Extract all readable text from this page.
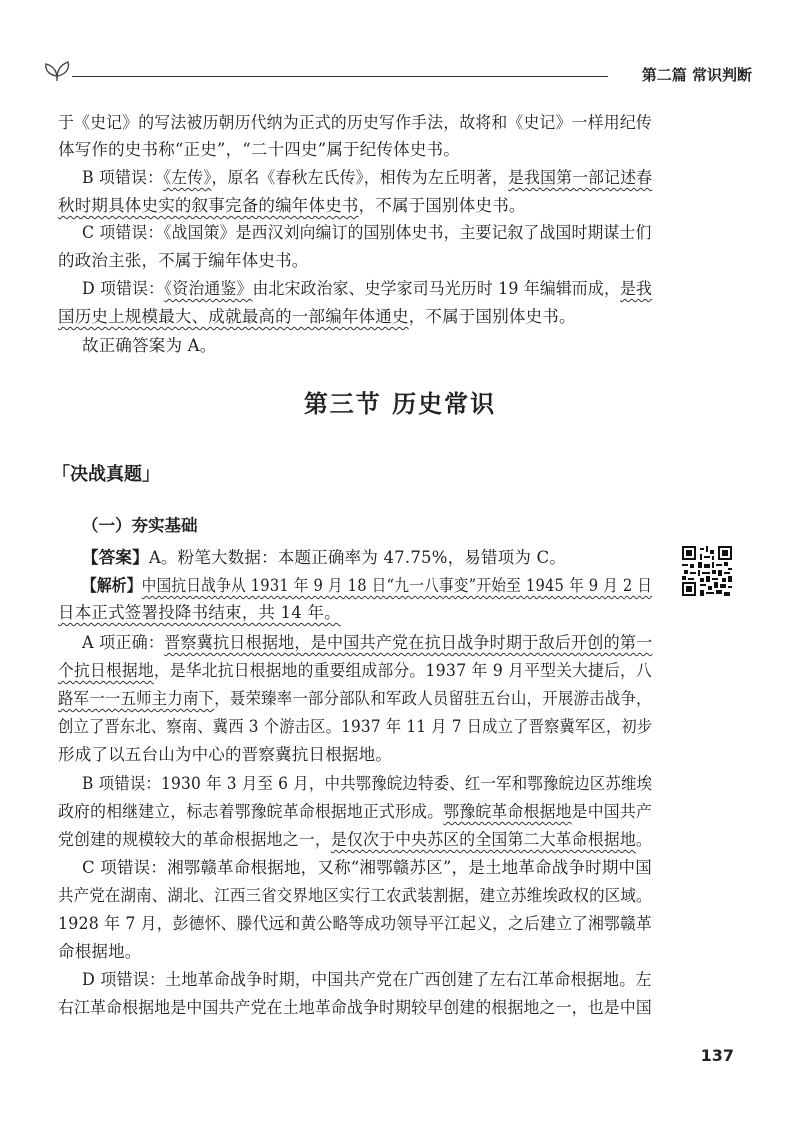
第二篇 常识判断
于《史记》的写法被历朝历代纳为正式的历史写作手法，故将和《史记》一样用纪传
体写作的史书称“正史”，“二十四史”属于纪传体史书。
B 项错误：《左传》，原名《春秋左氏传》，相传为左丘明著，是我国第一部记述春
秋时期具体史实的叙事完备的编年体史书，不属于国别体史书。
C 项错误：《战国策》是西汉刘向编订的国别体史书，主要记叙了战国时期谋士们
的政治主张，不属于编年体史书。
D 项错误：《资治通鉴》由北宋政治家、史学家司马光历时 19 年编辑而成，是我
国历史上规模最大、成就最高的一部编年体通史，不属于国别体史书。
故正确答案为 A。
第三节 历史常识
「决战真题」
（一）夯实基础
【答案】A。粉笔大数据：本题正确率为 47.75%，易错项为 C。
【解析】中国抗日战争从 1931 年 9 月 18 日“九一八事变”开始至 1945 年 9 月 2 日
日本正式签署投降书结束，共 14 年。
A 项正确：晋察冀抗日根据地，是中国共产党在抗日战争时期于敌后开创的第一
个抗日根据地，是华北抗日根据地的重要组成部分。1937 年 9 月平型关大捷后，八
路军一一五师主力南下，聂荣臻率一部分部队和军政人员留驻五台山，开展游击战争，
创立了晋东北、察南、冀西 3 个游击区。1937 年 11 月 7 日成立了晋察冀军区，初步
形成了以五台山为中心的晋察冀抗日根据地。
B 项错误：1930 年 3 月至 6 月，中共鄂豫皖边特委、红一军和鄂豫皖边区苏维埃
政府的相继建立，标志着鄂豫皖革命根据地正式形成。鄂豫皖革命根据地是中国共产
党创建的规模较大的革命根据地之一，是仅次于中央苏区的全国第二大革命根据地。
C 项错误：湘鄂赣革命根据地，又称“湘鄂赣苏区”，是土地革命战争时期中国
共产党在湖南、湖北、江西三省交界地区实行工农武装割据，建立苏维埃政权的区域。
1928 年 7 月，彭德怀、滕代远和黄公略等成功领导平江起义，之后建立了湘鄂赣革
命根据地。
D 项错误：土地革命战争时期，中国共产党在广西创建了左右江革命根据地。左
右江革命根据地是中国共产党在土地革命战争时期较早创建的根据地之一，也是中国
137
